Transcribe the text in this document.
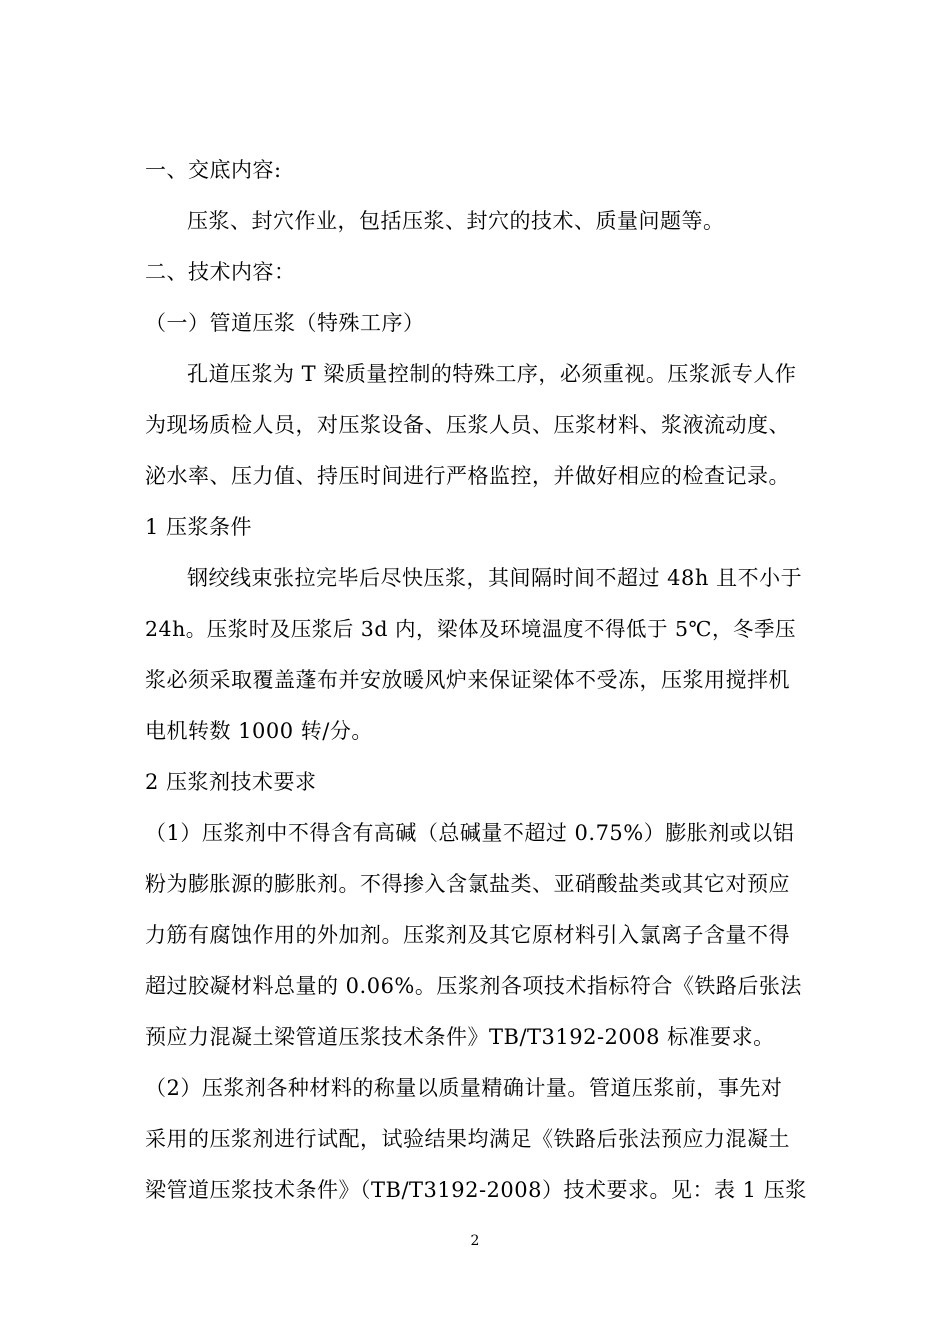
一、交底内容:
压浆、封穴作业，包括压浆、封穴的技术、质量问题等。
二、技术内容：
（一）管道压浆（特殊工序）
孔道压浆为 T 梁质量控制的特殊工序，必须重视。压浆派专人作
为现场质检人员，对压浆设备、压浆人员、压浆材料、浆液流动度、
泌水率、压力值、持压时间进行严格监控，并做好相应的检查记录。
1 压浆条件
钢绞线束张拉完毕后尽快压浆，其间隔时间不超过 48h 且不小于
24h。压浆时及压浆后 3d 内，梁体及环境温度不得低于 5℃，冬季压
浆必须采取覆盖蓬布并安放暖风炉来保证梁体不受冻，压浆用搅拌机
电机转数 1000 转/分。
2 压浆剂技术要求
（1）压浆剂中不得含有高碱（总碱量不超过 0.75%）膨胀剂或以铝
粉为膨胀源的膨胀剂。不得掺入含氯盐类、亚硝酸盐类或其它对预应
力筋有腐蚀作用的外加剂。压浆剂及其它原材料引入氯离子含量不得
超过胶凝材料总量的 0.06%。压浆剂各项技术指标符合《铁路后张法
预应力混凝土梁管道压浆技术条件》TB/T3192-2008 标准要求。
（2）压浆剂各种材料的称量以质量精确计量。管道压浆前，事先对
采用的压浆剂进行试配，试验结果均满足《铁路后张法预应力混凝土
梁管道压浆技术条件》（TB/T3192-2008）技术要求。见：表 1 压浆
2
